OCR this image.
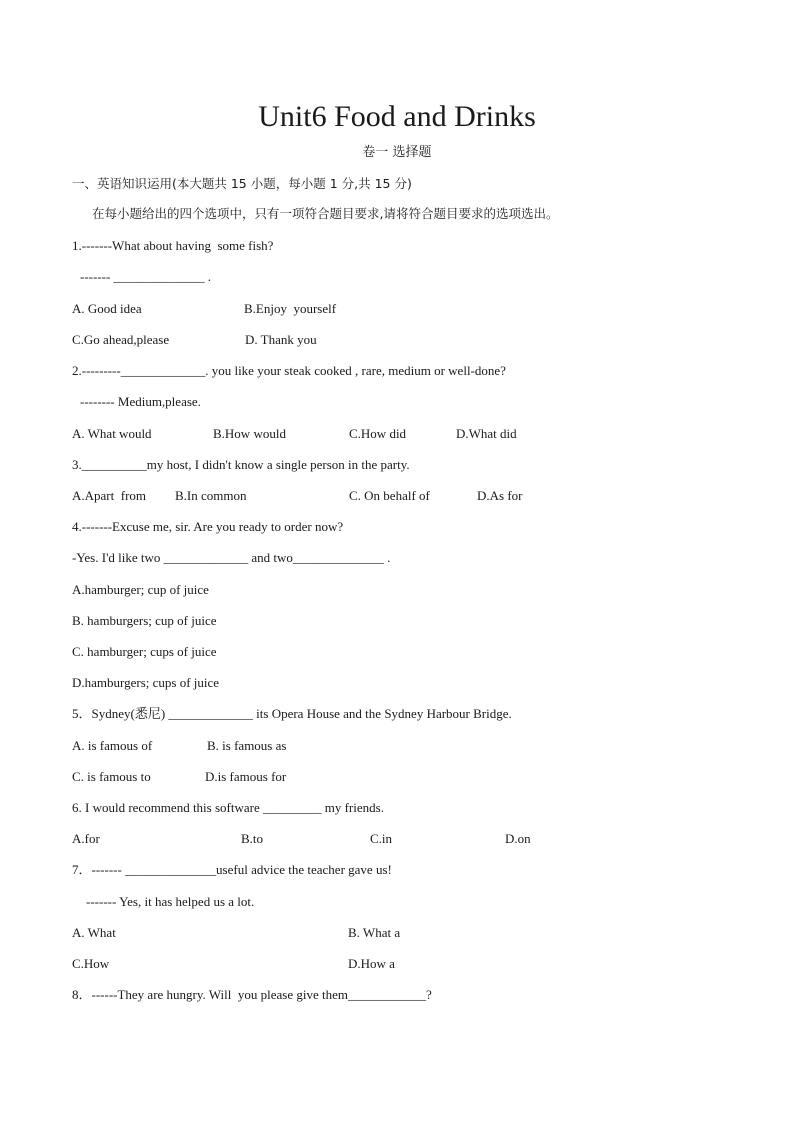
Unit6 Food and Drinks
卷一 选择题
一、英语知识运用(本大题共 15 小题，每小题 1 分,共 15 分)
在每小题给出的四个选项中，只有一项符合题目要求,请将符合题目要求的选项选出。
1.-------What about having  some fish?
------- ______________ .
A. Good idea	B.Enjoy  yourself
C.Go ahead,please	D. Thank you
2.---------_____________. you like your steak cooked , rare, medium or well-done?
-------- Medium,please.
A. What would	B.How would	C.How did	D.What did
3.__________my host, I didn't know a single person in the party.
A.Apart  from B.In common	C. On behalf of	D.As for
4.-------Excuse me, sir. Are you ready to order now?
-Yes. I'd like two _____________ and two______________ .
A.hamburger; cup of juice
B. hamburgers; cup of juice
C. hamburger; cups of juice
D.hamburgers; cups of juice
5．Sydney(悉尼) _____________ its Opera House and the Sydney Harbour Bridge.
A. is famous of	B. is famous as
C. is famous to	D.is famous for
6. I would recommend this software _________ my friends.
A.for	B.to	C.in	D.on
7．------- ______________useful advice the teacher gave us!
------- Yes, it has helped us a lot.
A. What	B. What a
C.How	D.How a
8．------They are hungry. Will  you please give them____________?
